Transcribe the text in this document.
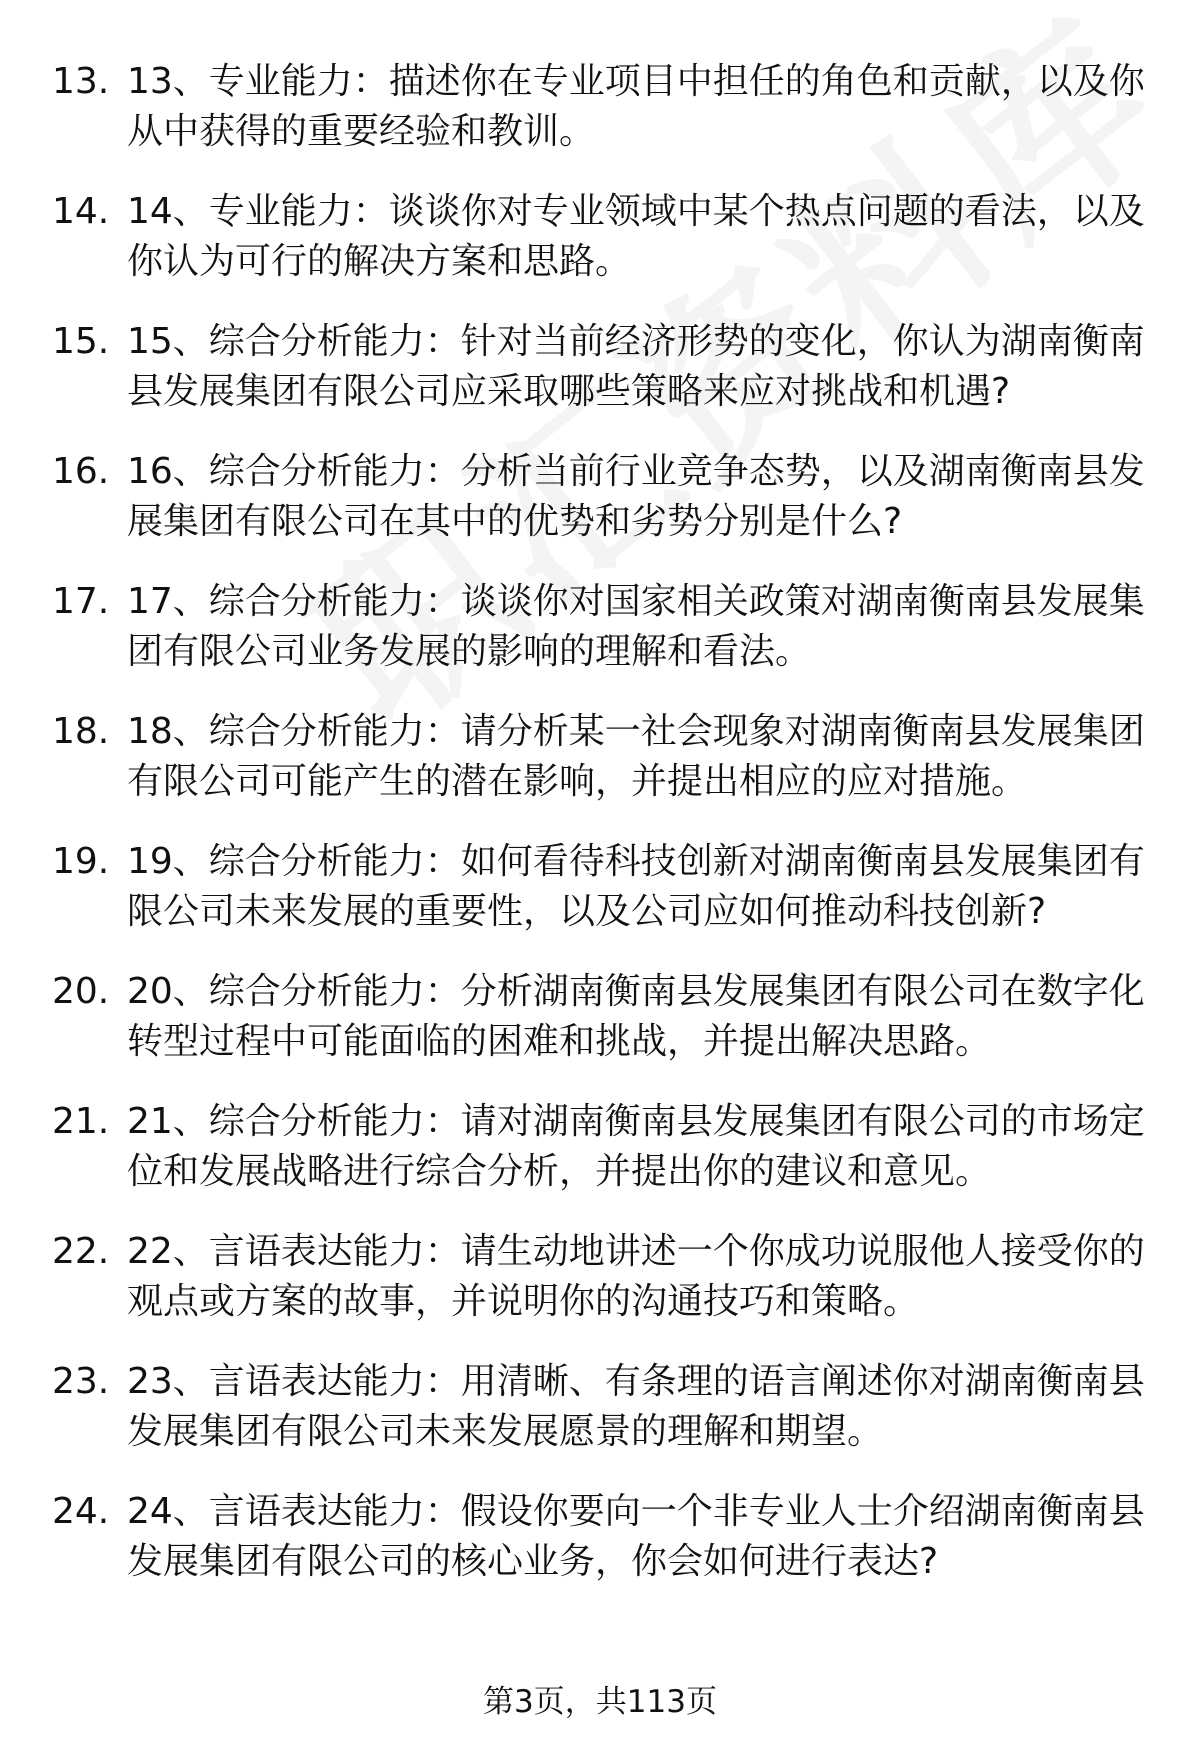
13. 13、专业能力：描述你在专业项目中担任的角色和贡献，以及你从中获得的重要经验和教训。
14. 14、专业能力：谈谈你对专业领域中某个热点问题的看法，以及你认为可行的解决方案和思路。
15. 15、综合分析能力：针对当前经济形势的变化，你认为湖南衡南县发展集团有限公司应采取哪些策略来应对挑战和机遇?
16. 16、综合分析能力：分析当前行业竞争态势，以及湖南衡南县发展集团有限公司在其中的优势和劣势分别是什么?
17. 17、综合分析能力：谈谈你对国家相关政策对湖南衡南县发展集团有限公司业务发展的影响的理解和看法。
18. 18、综合分析能力：请分析某一社会现象对湖南衡南县发展集团有限公司可能产生的潜在影响，并提出相应的应对措施。
19. 19、综合分析能力：如何看待科技创新对湖南衡南县发展集团有限公司未来发展的重要性，以及公司应如何推动科技创新?
20. 20、综合分析能力：分析湖南衡南县发展集团有限公司在数字化转型过程中可能面临的困难和挑战，并提出解决思路。
21. 21、综合分析能力：请对湖南衡南县发展集团有限公司的市场定位和发展战略进行综合分析，并提出你的建议和意见。
22. 22、言语表达能力：请生动地讲述一个你成功说服他人接受你的观点或方案的故事，并说明你的沟通技巧和策略。
23. 23、言语表达能力：用清晰、有条理的语言阐述你对湖南衡南县发展集团有限公司未来发展愿景的理解和期望。
24. 24、言语表达能力：假设你要向一个非专业人士介绍湖南衡南县发展集团有限公司的核心业务，你会如何进行表达?
第3页，共113页
